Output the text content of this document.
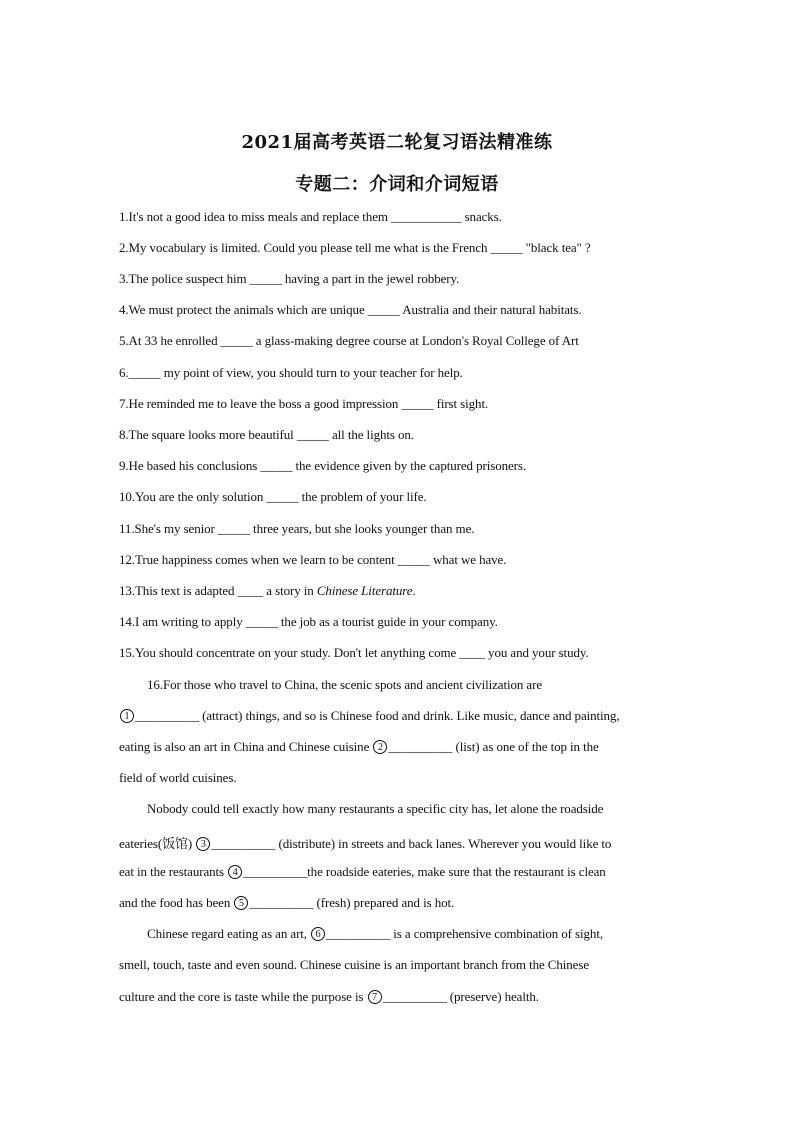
2021届高考英语二轮复习语法精准练
专题二：介词和介词短语
1.It's not a good idea to miss meals and replace them ___________ snacks.
2.My vocabulary is limited. Could you please tell me what is the French _____ "black tea" ?
3.The police suspect him _____ having a part in the jewel robbery.
4.We must protect the animals which are unique _____ Australia and their natural habitats.
5.At 33 he enrolled _____ a glass-making degree course at London's Royal College of Art
6._____ my point of view, you should turn to your teacher for help.
7.He reminded me to leave the boss a good impression _____ first sight.
8.The square looks more beautiful _____ all the lights on.
9.He based his conclusions _____ the evidence given by the captured prisoners.
10.You are the only solution _____ the problem of your life.
11.She's my senior _____ three years, but she looks younger than me.
12.True happiness comes when we learn to be content _____ what we have.
13.This text is adapted ____ a story in Chinese Literature.
14.I am writing to apply _____ the job as a tourist guide in your company.
15.You should concentrate on your study. Don't let anything come ____ you and your study.
16.For those who travel to China, the scenic spots and ancient civilization are
1 __________ (attract) things, and so is Chinese food and drink. Like music, dance and painting,
eating is also an art in China and Chinese cuisine 2 __________ (list) as one of the top in the
field of world cuisines.
Nobody could tell exactly how many restaurants a specific city has, let alone the roadside
eateries(饭馆) 3 __________ (distribute) in streets and back lanes. Wherever you would like to
eat in the restaurants 4 __________the roadside eateries, make sure that the restaurant is clean
and the food has been 5 __________ (fresh) prepared and is hot.
Chinese regard eating as an art, 6 __________ is a comprehensive combination of sight,
smell, touch, taste and even sound. Chinese cuisine is an important branch from the Chinese
culture and the core is taste while the purpose is 7 __________ (preserve) health.
